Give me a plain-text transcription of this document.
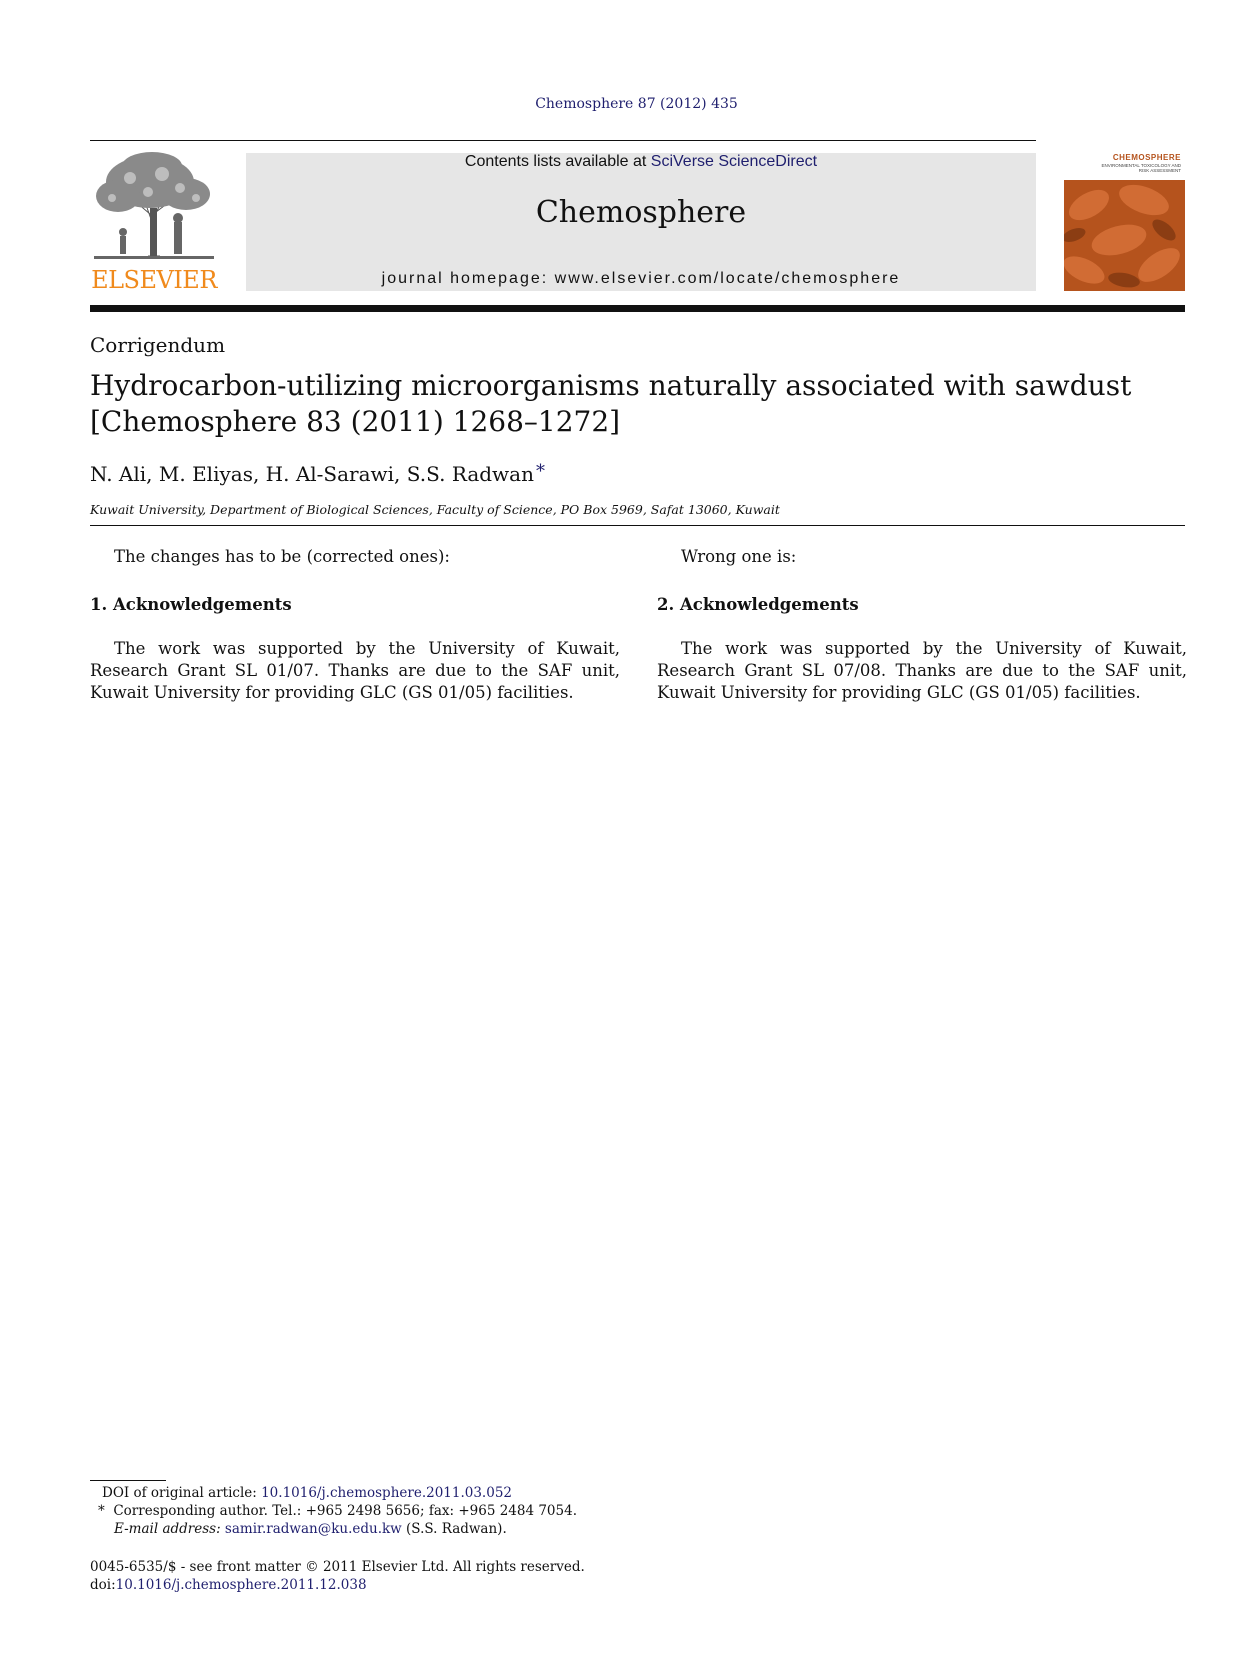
Chemosphere 87 (2012) 435
ELSEVIER
Contents lists available at SciVerse ScienceDirect
Chemosphere
journal homepage: www.elsevier.com/locate/chemosphere
CHEMOSPHERE
ENVIRONMENTAL TOXICOLOGY AND RISK ASSESSMENT
Corrigendum
Hydrocarbon-utilizing microorganisms naturally associated with sawdust
[Chemosphere 83 (2011) 1268–1272]
N. Ali, M. Eliyas, H. Al-Sarawi, S.S. Radwan *
Kuwait University, Department of Biological Sciences, Faculty of Science, PO Box 5969, Safat 13060, Kuwait
The changes has to be (corrected ones):	Wrong one is:
1. Acknowledgements	2. Acknowledgements
The work was supported by the University of Kuwait, Research Grant SL 01/07. Thanks are due to the SAF unit, Kuwait University for providing GLC (GS 01/05) facilities.
The work was supported by the University of Kuwait, Research Grant SL 07/08. Thanks are due to the SAF unit, Kuwait University for providing GLC (GS 01/05) facilities.
DOI of original article: 10.1016/j.chemosphere.2011.03.052
* Corresponding author. Tel.: +965 2498 5656; fax: +965 2484 7054.
E-mail address: samir.radwan@ku.edu.kw (S.S. Radwan).
0045-6535/$ - see front matter © 2011 Elsevier Ltd. All rights reserved.
doi:10.1016/j.chemosphere.2011.12.038
